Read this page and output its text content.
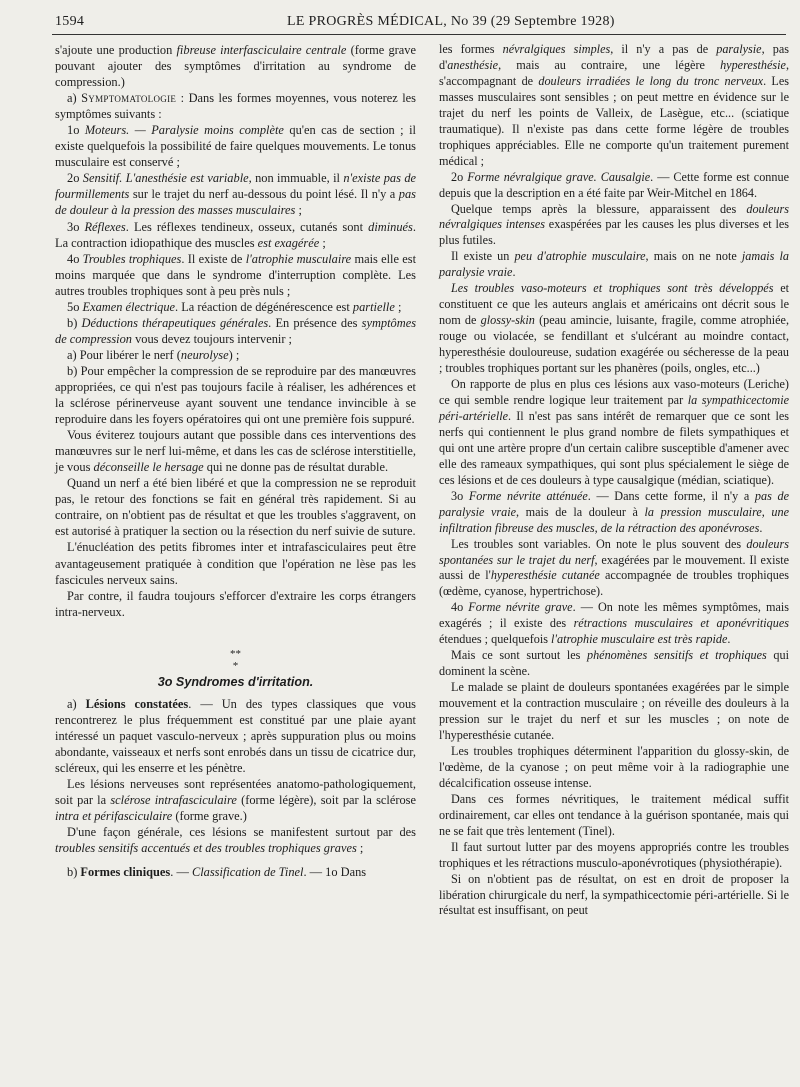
1594	LE PROGRÈS MÉDICAL, No 39 (29 Septembre 1928)

s'ajoute une production fibreuse interfasciculaire centrale (forme grave pouvant ajouter des symptômes d'irritation au syndrome de compression.)

a) Symptomatologie : Dans les formes moyennes, vous noterez les symptômes suivants :

1o Moteurs. — Paralysie moins complète qu'en cas de section ; il existe quelquefois la possibilité de faire quelques mouvements. Le tonus musculaire est conservé ;

2o Sensitif. L'anesthésie est variable, non immuable, il n'existe pas de fourmillements sur le trajet du nerf au-dessous du point lésé. Il n'y a pas de douleur à la pression des masses musculaires ;

3o Réflexes. Les réflexes tendineux, osseux, cutanés sont diminués. La contraction idiopathique des muscles est exagérée ;

4o Troubles trophiques. Il existe de l'atrophie musculaire mais elle est moins marquée que dans le syndrome d'interruption complète. Les autres troubles trophiques sont à peu près nuls ;

5o Examen électrique. La réaction de dégénérescence est partielle ;

b) Déductions thérapeutiques générales. En présence des symptômes de compression vous devez toujours intervenir ;

a) Pour libérer le nerf (neurolyse) ;

b) Pour empêcher la compression de se reproduire par des manœuvres appropriées, ce qui n'est pas toujours facile à réaliser, les adhérences et la sclérose périnerveuse ayant souvent une tendance invincible à se reproduire dans les foyers opératoires qui ont une première fois suppuré.

Vous éviterez toujours autant que possible dans ces interventions des manœuvres sur le nerf lui-même, et dans les cas de sclérose interstitielle, je vous déconseille le hersage qui ne donne pas de résultat durable.

Quand un nerf a été bien libéré et que la compression ne se reproduit pas, le retour des fonctions se fait en général très rapidement. Si au contraire, on n'obtient pas de résultat et que les troubles s'aggravent, on est autorisé à pratiquer la section ou la résection du nerf suivie de suture.

L'énucléation des petits fibromes inter et intrafasciculaires peut être avantageusement pratiquée à condition que l'opération ne lèse pas les fascicules nerveux sains.

Par contre, il faudra toujours s'efforcer d'extraire les corps étrangers intra-nerveux.

**
*
3o Syndromes d'irritation.

a) Lésions constatées. — Un des types classiques que vous rencontrerez le plus fréquemment est constitué par une plaie ayant intéressé un paquet vasculo-nerveux ; après suppuration plus ou moins abondante, vaisseaux et nerfs sont enrobés dans un tissu de cicatrice dur, scléreux, qui les enserre et les pénètre.

Les lésions nerveuses sont représentées anatomo-pathologiquement, soit par la sclérose intrafasciculaire (forme légère), soit par la sclérose intra et périfasciculaire (forme grave.)

D'une façon générale, ces lésions se manifestent surtout par des troubles sensitifs accentués et des troubles trophiques graves ;

b) Formes cliniques. — Classification de Tinel. — 1o Dans

les formes névralgiques simples, il n'y a pas de paralysie, pas d'anesthésie, mais au contraire, une légère hyperesthésie, s'accompagnant de douleurs irradiées le long du tronc nerveux. Les masses musculaires sont sensibles ; on peut mettre en évidence sur le trajet du nerf les points de Valleix, de Lasègue, etc... (sciatique traumatique). Il n'existe pas dans cette forme légère de troubles trophiques appréciables. Elle ne comporte qu'un traitement purement médical ;

2o Forme névralgique grave. Causalgie. — Cette forme est connue depuis que la description en a été faite par Weir-Mitchel en 1864.

Quelque temps après la blessure, apparaissent des douleurs névralgiques intenses exaspérées par les causes les plus diverses et les plus futiles.

Il existe un peu d'atrophie musculaire, mais on ne note jamais la paralysie vraie.

Les troubles vaso-moteurs et trophiques sont très développés et constituent ce que les auteurs anglais et américains ont décrit sous le nom de glossy-skin (peau amincie, luisante, fragile, comme atrophiée, rouge ou violacée, se fendillant et s'ulcérant au moindre contact, hyperesthésie douloureuse, sudation exagérée ou sécheresse de la peau ; troubles trophiques portant sur les phanères (poils, ongles, etc...)

On rapporte de plus en plus ces lésions aux vaso-moteurs (Leriche) ce qui semble rendre logique leur traitement par la sympathicectomie péri-artérielle. Il n'est pas sans intérêt de remarquer que ce sont les nerfs qui contiennent le plus grand nombre de filets sympathiques et qui ont une artère propre d'un certain calibre susceptible d'amener avec elle des rameaux sympathiques, qui sont plus spécialement le siège de ces lésions et de ces douleurs à type causalgique (médian, sciatique).

3o Forme névrite atténuée. — Dans cette forme, il n'y a pas de paralysie vraie, mais de la douleur à la pression musculaire, une infiltration fibreuse des muscles, de la rétraction des aponévroses.

Les troubles sont variables. On note le plus souvent des douleurs spontanées sur le trajet du nerf, exagérées par le mouvement. Il existe aussi de l'hyperesthésie cutanée accompagnée de troubles trophiques (œdème, cyanose, hypertrichose).

4o Forme névrite grave. — On note les mêmes symptômes, mais exagérés ; il existe des rétractions musculaires et aponévritiques étendues ; quelquefois l'atrophie musculaire est très rapide.

Mais ce sont surtout les phénomènes sensitifs et trophiques qui dominent la scène.

Le malade se plaint de douleurs spontanées exagérées par le simple mouvement et la contraction musculaire ; on réveille des douleurs à la pression sur le trajet du nerf et sur les muscles ; on note de l'hyperesthésie cutanée.

Les troubles trophiques déterminent l'apparition du glossy-skin, de l'œdème, de la cyanose ; on peut même voir à la radiographie une décalcification osseuse intense.

Dans ces formes névritiques, le traitement médical suffit ordinairement, car elles ont tendance à la guérison spontanée, mais qui ne se fait que très lentement (Tinel).

Il faut surtout lutter par des moyens appropriés contre les troubles trophiques et les rétractions musculo-aponévrotiques (physiothérapie).

Si on n'obtient pas de résultat, on est en droit de proposer la libération chirurgicale du nerf, la sympathicectomie péri-artérielle. Si le résultat est insuffisant, on peut
